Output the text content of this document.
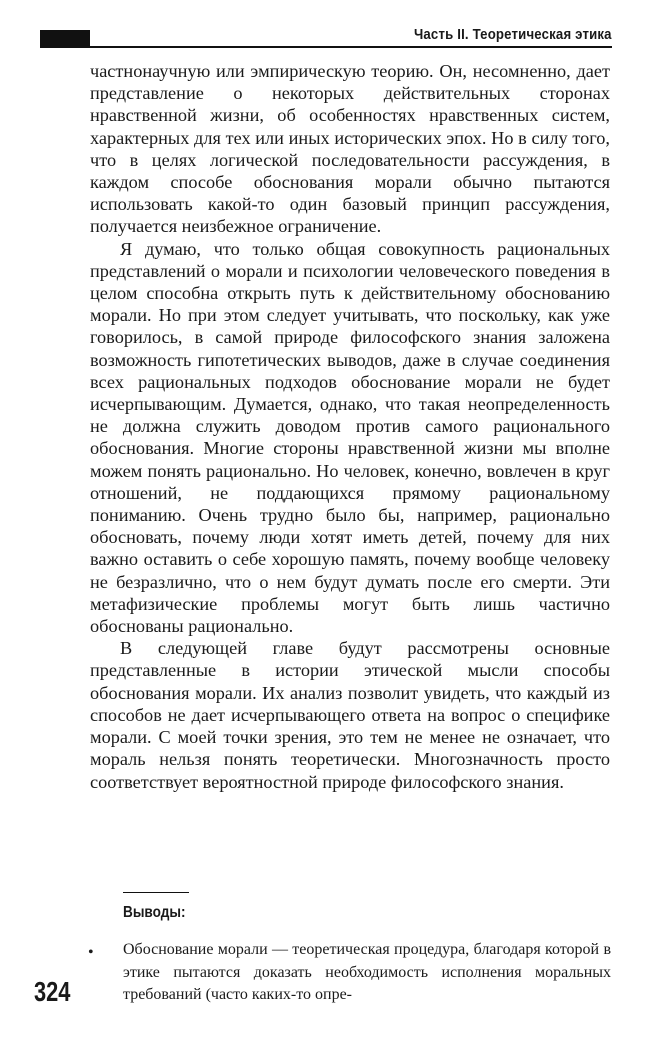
Часть II. Теоретическая этика

частнонаучную или эмпирическую теорию. Он, несомненно, дает представление о некоторых действительных сторонах нравственной жизни, об особенностях нравственных систем, характерных для тех или иных исторических эпох. Но в силу того, что в целях логической последовательности рассуждения, в каждом способе обоснования морали обычно пытаются использовать какой-то один базовый принцип рассуждения, получается неизбежное ограничение.

Я думаю, что только общая совокупность рациональных представлений о морали и психологии человеческого поведения в целом способна открыть путь к действительному обоснованию морали. Но при этом следует учитывать, что поскольку, как уже говорилось, в самой природе философского знания заложена возможность гипотетических выводов, даже в случае соединения всех рациональных подходов обоснование морали не будет исчерпывающим. Думается, однако, что такая неопределенность не должна служить доводом против самого рационального обоснования. Многие стороны нравственной жизни мы вполне можем понять рационально. Но человек, конечно, вовлечен в круг отношений, не поддающихся прямому рациональному пониманию. Очень трудно было бы, например, рационально обосновать, почему люди хотят иметь детей, почему для них важно оставить о себе хорошую память, почему вообще человеку не безразлично, что о нем будут думать после его смерти. Эти метафизические проблемы могут быть лишь частично обоснованы рационально.

В следующей главе будут рассмотрены основные представленные в истории этической мысли способы обоснования морали. Их анализ позволит увидеть, что каждый из способов не дает исчерпывающего ответа на вопрос о специфике морали. С моей точки зрения, это тем не менее не означает, что мораль нельзя понять теоретически. Многозначность просто соответствует вероятностной природе философского знания.

Выводы:
• Обоснование морали — теоретическая процедура, благодаря которой в этике пытаются доказать необходимость исполнения моральных требований (часто каких-то опре-
324
